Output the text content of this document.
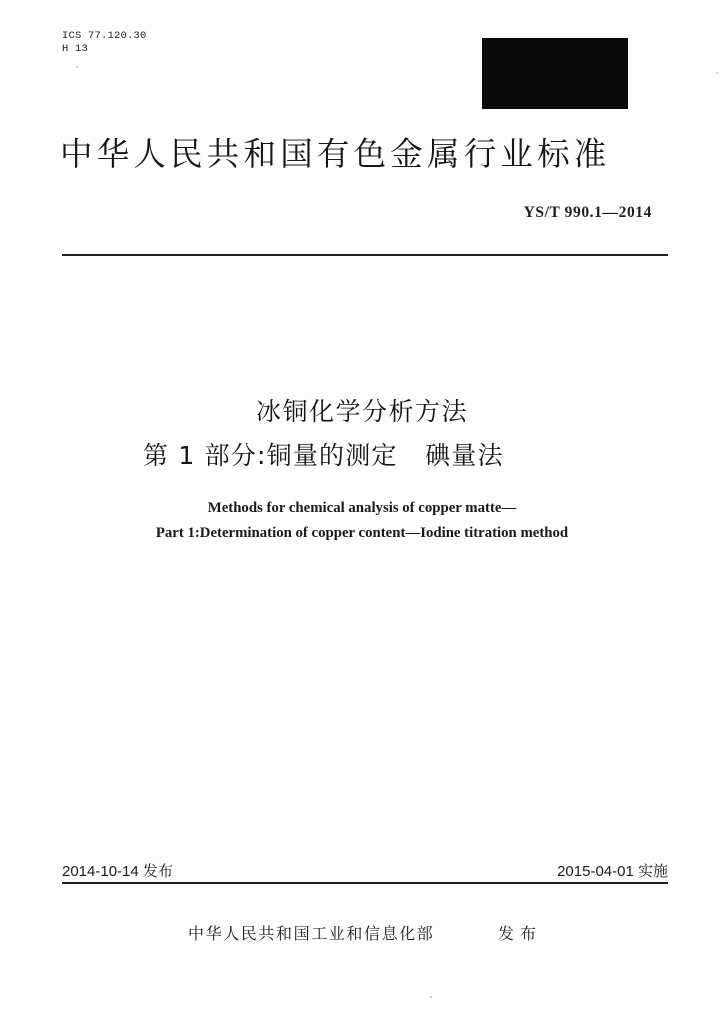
ICS 77.120.30
H 13
中华人民共和国有色金属行业标准
YS/T 990.1—2014
冰铜化学分析方法
第 1 部分:铜量的测定   碘量法
Methods for chemical analysis of copper matte—
Part 1:Determination of copper content—Iodine titration method
2014-10-14 发布	2015-04-01 实施
中华人民共和国工业和信息化部	发布
